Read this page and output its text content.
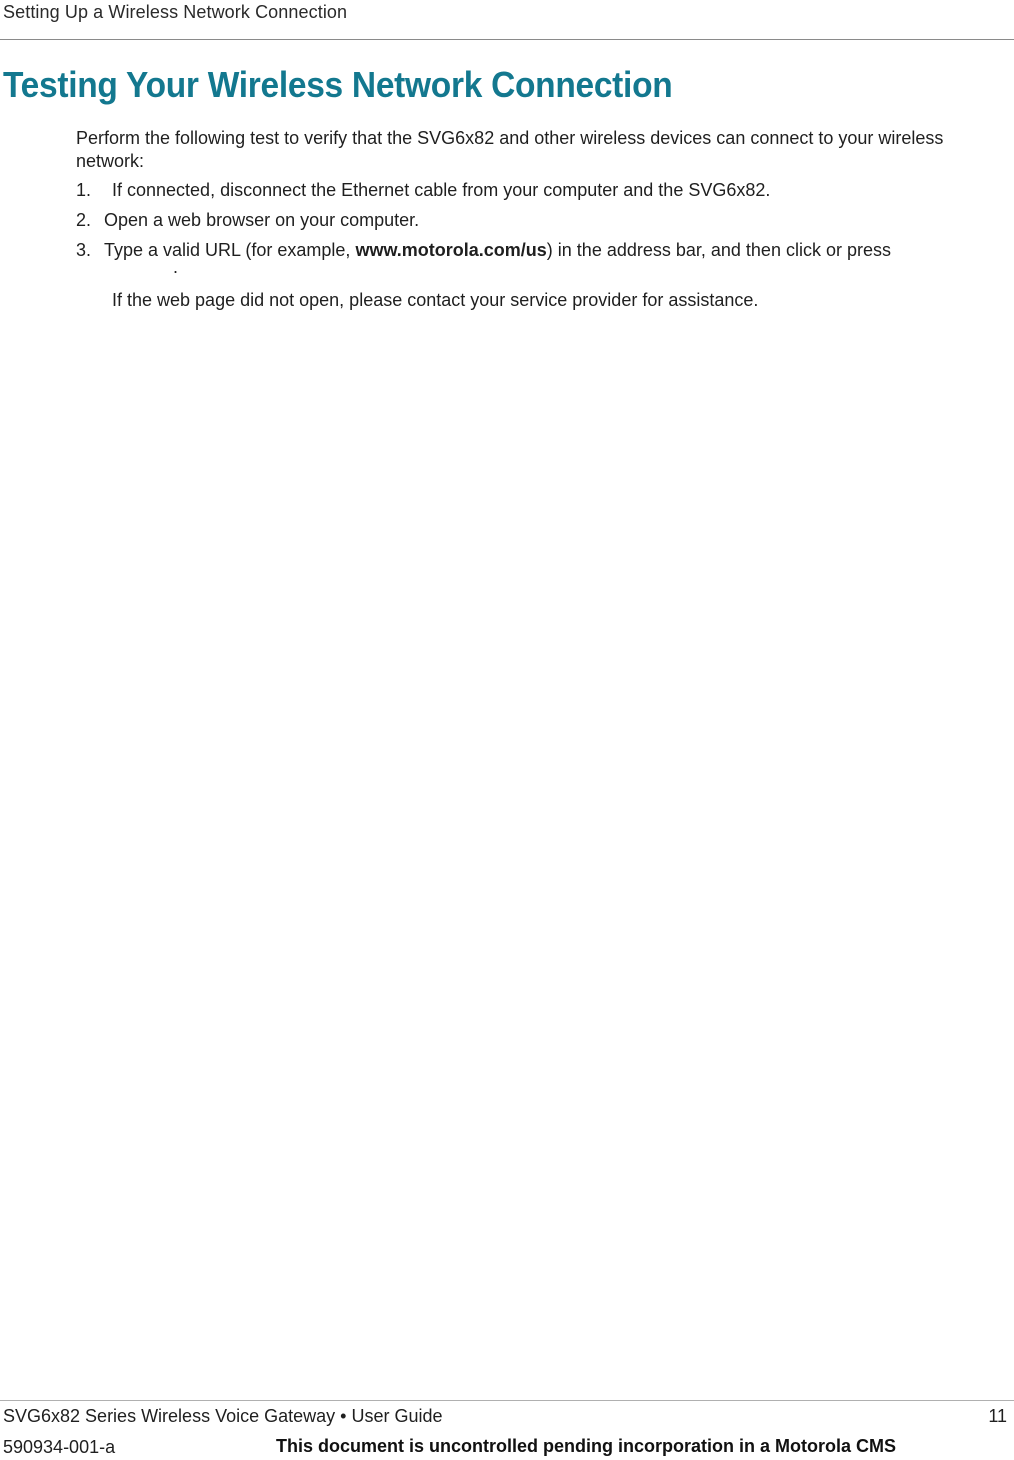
Setting Up a Wireless Network Connection
Testing Your Wireless Network Connection

Perform the following test to verify that the SVG6x82 and other wireless devices can connect to your wireless network:

1.	If connected, disconnect the Ethernet cable from your computer and the SVG6x82.
2. Open a web browser on your computer.
3. Type a valid URL (for example, www.motorola.com/us) in the address bar, and then click or press
.

If the web page did not open, please contact your service provider for assistance.

SVG6x82 Series Wireless Voice Gateway • User Guide	11
590934-001-a	This document is uncontrolled pending incorporation in a Motorola CMS
